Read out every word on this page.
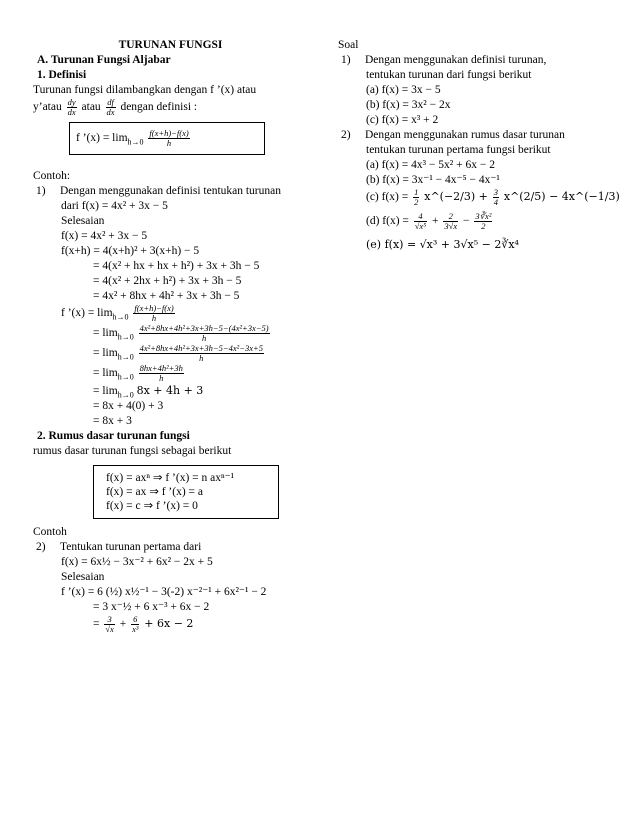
TURUNAN FUNGSI
A. Turunan Fungsi Aljabar
1. Definisi
Turunan fungsi dilambangkan dengan f ’(x) atau
y’atau $\frac{dy}{dx}$ atau $\frac{df}{dx}$ dengan definisi :
f ’(x) = $\lim_{h\to 0} \frac{f(x+h)-f(x)}{h}$
Contoh:
1) Dengan menggunakan definisi tentukan turunan
dari f(x) = 4x² + 3x − 5
Selesaian
f(x) = 4x² + 3x − 5
f(x+h) = 4(x+h)² + 3(x+h) − 5
= 4(x² + hx + hx + h²) + 3x + 3h − 5
= 4(x² + 2hx + h²) + 3x + 3h − 5
= 4x² + 8hx + 4h² + 3x + 3h − 5
f ’(x) = $\lim_{h\to 0} \frac{f(x+h)-f(x)}{h}$
= $\lim_{h\to 0} \frac{\text{4x²+8hx+4h²+3x+3h−5−(4x²+3x−5)}}{h}$
= $\lim_{h\to 0} \frac{\text{4x²+8hx+4h²+3x+3h−5−4x²−3x+5}}{h}$
= $\lim_{h\to 0} \frac{\text{8hx+4h²+3h}}{h}$
= $\lim_{h\to 0} 8x + 4h + 3$
= 8x + 4(0) + 3
= 8x + 3
2. Rumus dasar turunan fungsi
rumus dasar turunan fungsi sebagai berikut
f(x) = axⁿ ⇒ f ’(x) = n axⁿ⁻¹
f(x) = ax ⇒ f ’(x) = a
f(x) = c ⇒ f ’(x) = 0
Contoh
2) Tentukan turunan pertama dari
f(x) = 6x½ − 3x⁻² + 6x² − 2x + 5
Selesaian
f ’(x) = 6 (½) x½⁻¹ − 3(-2) x⁻²⁻¹ + 6x²⁻¹ − 2
= 3 x⁻½ + 6 x⁻³ + 6x − 2
= $\frac{3}{√x} + \frac{6}{\text{x³}} + 6x - 2$
Soal
1) Dengan menggunakan definisi turunan,
tentukan turunan dari fungsi berikut
(a) f(x) = 3x − 5
(b) f(x) = 3x² − 2x
(c) f(x) = x³ + 2
2) Dengan menggunakan rumus dasar turunan
tentukan turunan pertama fungsi berikut
(a) f(x) = 4x³ − 5x² + 6x − 2
(b) f(x) = 3x⁻¹ − 4x⁻⁵ − 4x⁻¹
(c) $f(x) = \frac{1}{2}$ x^(−2/3) + $\frac{3}{4}$ x^(2/5) − 4x^(−1/3)
(d) $f(x) = \frac{4}{\text{√x⁵}} + \frac{2}{3√x} - \frac{\text{3∛x²}}{2}$
(e) f(x) = √x³ + 3√x⁵ − 2∛x⁴
